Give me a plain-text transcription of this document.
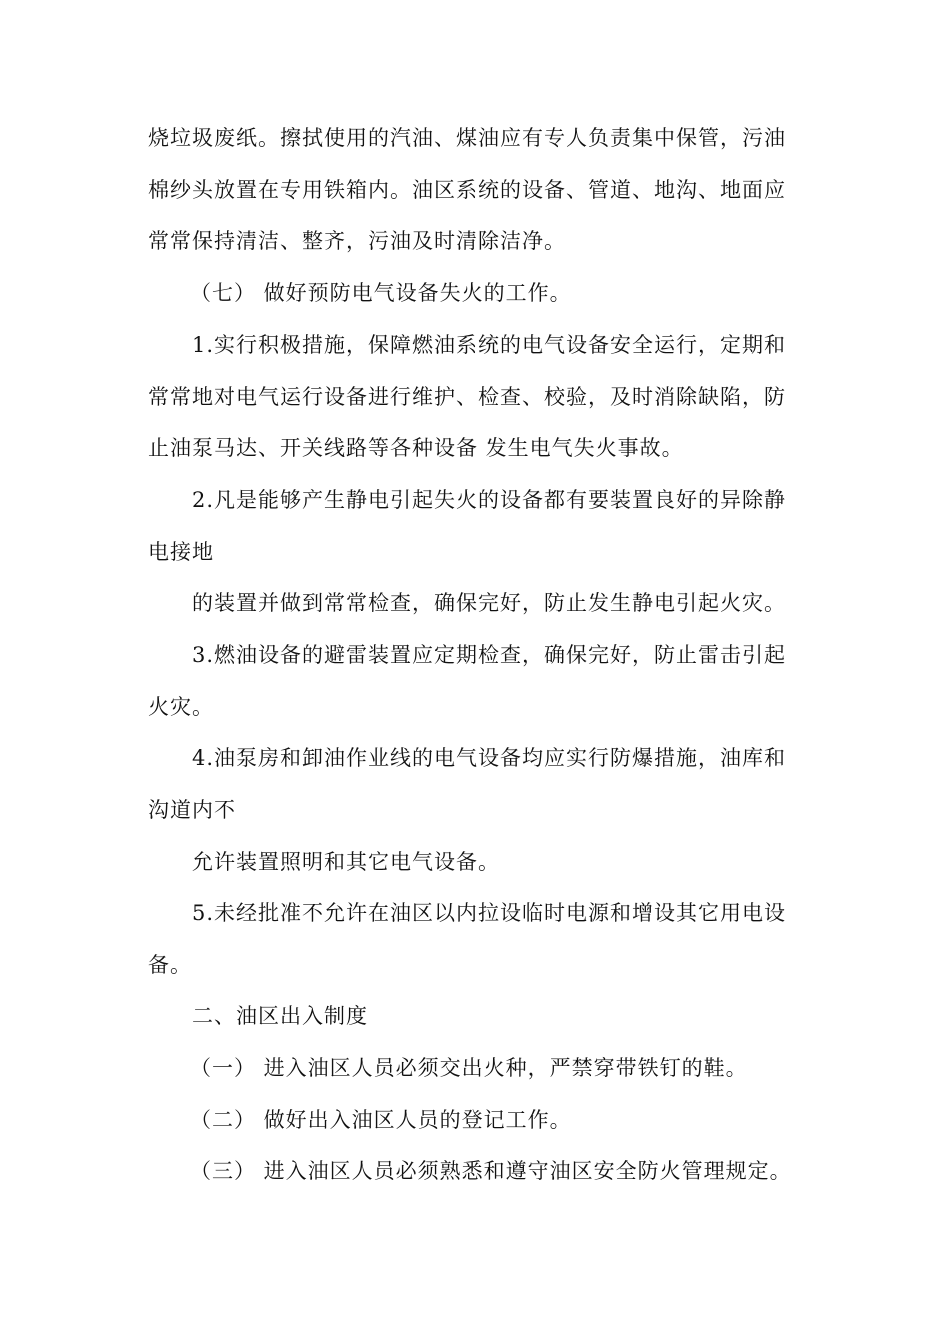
烧垃圾废纸。擦拭使用的汽油、煤油应有专人负责集中保管，污油
棉纱头放置在专用铁箱内。油区系统的设备、管道、地沟、地面应
常常保持清洁、整齐，污油及时清除洁净。
（七） 做好预防电气设备失火的工作。
1.实行积极措施，保障燃油系统的电气设备安全运行，定期和
常常地对电气运行设备进行维护、检查、校验，及时消除缺陷，防
止油泵马达、开关线路等各种设备 发生电气失火事故。
2.凡是能够产生静电引起失火的设备都有要装置良好的异除静
电接地
的装置并做到常常检查，确保完好，防止发生静电引起火灾。
3.燃油设备的避雷装置应定期检查，确保完好，防止雷击引起
火灾。
4.油泵房和卸油作业线的电气设备均应实行防爆措施，油库和
沟道内不
允许装置照明和其它电气设备。
5.未经批准不允许在油区以内拉设临时电源和增设其它用电设
备。
二、油区出入制度
（一） 进入油区人员必须交出火种，严禁穿带铁钉的鞋。
（二） 做好出入油区人员的登记工作。
（三） 进入油区人员必须熟悉和遵守油区安全防火管理规定。
